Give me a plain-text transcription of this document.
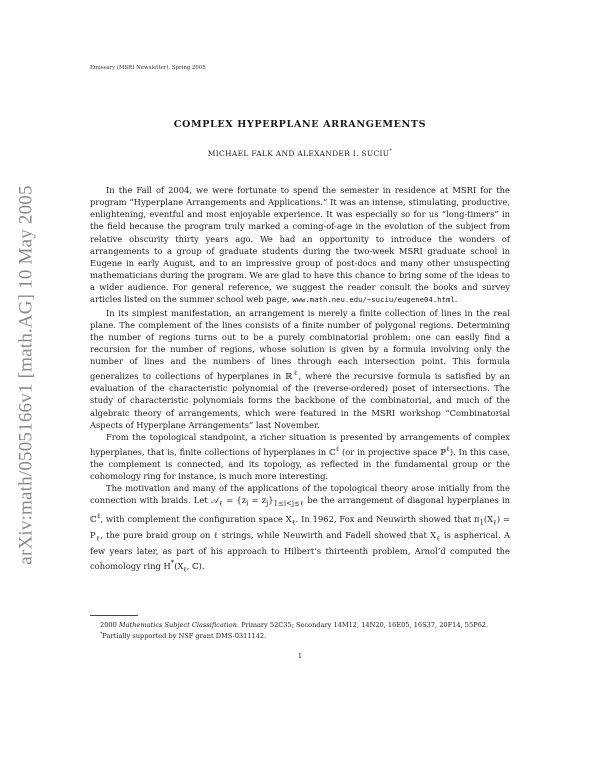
arXiv:math/0505166v1 [math.AG] 10 May 2005
Emissary (MSRI Newsletter), Spring 2005
COMPLEX HYPERPLANE ARRANGEMENTS
MICHAEL FALK AND ALEXANDER I. SUCIU*

In the Fall of 2004, we were fortunate to spend the semester in residence at MSRI for the program “Hyperplane Arrangements and Applications.” It was an intense, stimulating, productive, enlightening, eventful and most enjoyable experience. It was especially so for us “long-timers” in the field because the program truly marked a coming-of-age in the evolution of the subject from relative obscurity thirty years ago. We had an opportunity to introduce the wonders of arrangements to a group of graduate students during the two-week MSRI graduate school in Eugene in early August, and to an impressive group of post-docs and many other unsuspecting mathematicians during the program. We are glad to have this chance to bring some of the ideas to a wider audience. For general reference, we suggest the reader consult the books and survey articles listed on the summer school web page, www.math.neu.edu/~suciu/eugene04.html.

In its simplest manifestation, an arrangement is merely a finite collection of lines in the real plane. The complement of the lines consists of a finite number of polygonal regions. Determining the number of regions turns out to be a purely combinatorial problem: one can easily find a recursion for the number of regions, whose solution is given by a formula involving only the number of lines and the numbers of lines through each intersection point. This formula generalizes to collections of hyperplanes in ℝ$^\ell$, where the recursive formula is satisfied by an evaluation of the characteristic polynomial of the (reverse-ordered) poset of intersections. The study of characteristic polynomials forms the backbone of the combinatorial, and much of the algebraic theory of arrangements, which were featured in the MSRI workshop “Combinatorial Aspects of Hyperplane Arrangements” last November.

From the topological standpoint, a richer situation is presented by arrangements of complex hyperplanes, that is, finite collections of hyperplanes in ℂ$^\ell$ (or in projective space ℙ$^\ell$). In this case, the complement is connected, and its topology, as reflected in the fundamental group or the cohomology ring for instance, is much more interesting.

The motivation and many of the applications of the topological theory arose initially from the connection with braids. Let 𝒜$_\ell$ = $\{z_i = z_j\}_{1\le i<j\le\ell}$ be the arrangement of diagonal hyperplanes in ℂ$^\ell$, with complement the configuration space $X_\ell$. In 1962, Fox and Neuwirth showed that $\pi_1(X_\ell) = P_\ell$, the pure braid group on ℓ strings, while Neuwirth and Fadell showed that $X_\ell$ is aspherical. A few years later, as part of his approach to Hilbert’s thirteenth problem, Arnol’d computed the cohomology ring $H^*(X_\ell$, ℂ).

2000 Mathematics Subject Classification. Primary 52C35; Secondary 14M12, 14N20, 16E05, 16S37, 20F14, 55P62.

*Partially supported by NSF grant DMS-0311142.

1
